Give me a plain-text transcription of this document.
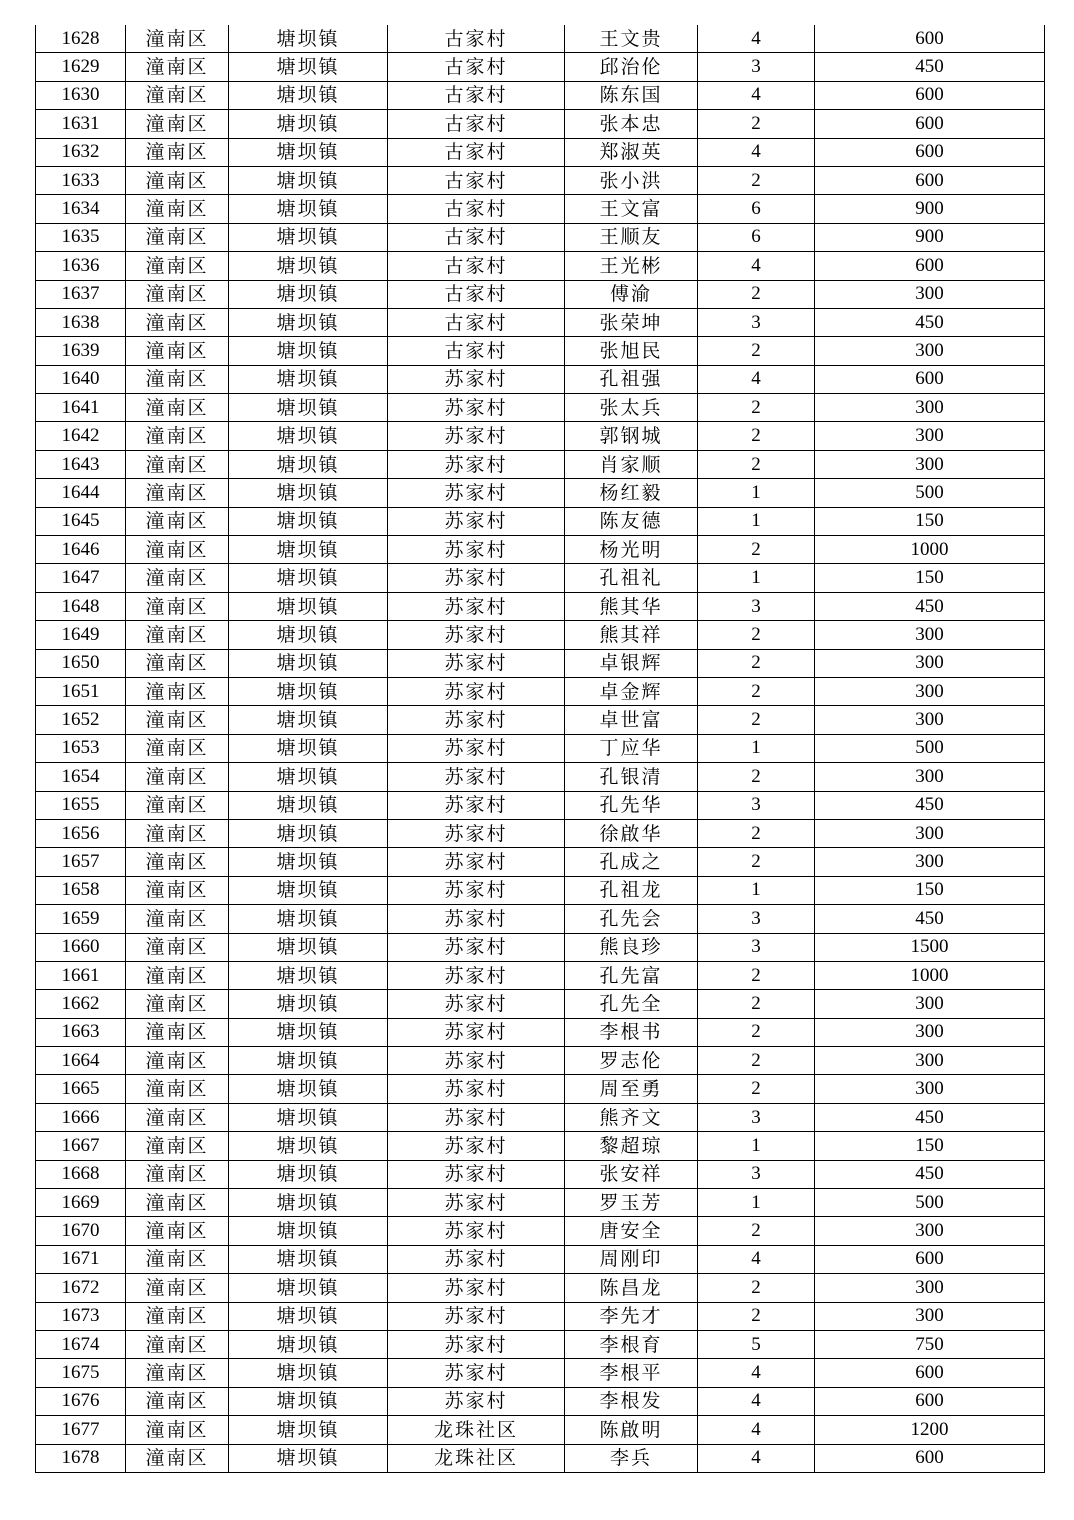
1628	潼南区	塘坝镇	古家村	王文贵	4	600
1629	潼南区	塘坝镇	古家村	邱治伦	3	450
1630	潼南区	塘坝镇	古家村	陈东国	4	600
1631	潼南区	塘坝镇	古家村	张本忠	2	600
1632	潼南区	塘坝镇	古家村	郑淑英	4	600
1633	潼南区	塘坝镇	古家村	张小洪	2	600
1634	潼南区	塘坝镇	古家村	王文富	6	900
1635	潼南区	塘坝镇	古家村	王顺友	6	900
1636	潼南区	塘坝镇	古家村	王光彬	4	600
1637	潼南区	塘坝镇	古家村	傅渝	2	300
1638	潼南区	塘坝镇	古家村	张荣坤	3	450
1639	潼南区	塘坝镇	古家村	张旭民	2	300
1640	潼南区	塘坝镇	苏家村	孔祖强	4	600
1641	潼南区	塘坝镇	苏家村	张太兵	2	300
1642	潼南区	塘坝镇	苏家村	郭钢城	2	300
1643	潼南区	塘坝镇	苏家村	肖家顺	2	300
1644	潼南区	塘坝镇	苏家村	杨红毅	1	500
1645	潼南区	塘坝镇	苏家村	陈友德	1	150
1646	潼南区	塘坝镇	苏家村	杨光明	2	1000
1647	潼南区	塘坝镇	苏家村	孔祖礼	1	150
1648	潼南区	塘坝镇	苏家村	熊其华	3	450
1649	潼南区	塘坝镇	苏家村	熊其祥	2	300
1650	潼南区	塘坝镇	苏家村	卓银辉	2	300
1651	潼南区	塘坝镇	苏家村	卓金辉	2	300
1652	潼南区	塘坝镇	苏家村	卓世富	2	300
1653	潼南区	塘坝镇	苏家村	丁应华	1	500
1654	潼南区	塘坝镇	苏家村	孔银清	2	300
1655	潼南区	塘坝镇	苏家村	孔先华	3	450
1656	潼南区	塘坝镇	苏家村	徐啟华	2	300
1657	潼南区	塘坝镇	苏家村	孔成之	2	300
1658	潼南区	塘坝镇	苏家村	孔祖龙	1	150
1659	潼南区	塘坝镇	苏家村	孔先会	3	450
1660	潼南区	塘坝镇	苏家村	熊良珍	3	1500
1661	潼南区	塘坝镇	苏家村	孔先富	2	1000
1662	潼南区	塘坝镇	苏家村	孔先全	2	300
1663	潼南区	塘坝镇	苏家村	李根书	2	300
1664	潼南区	塘坝镇	苏家村	罗志伦	2	300
1665	潼南区	塘坝镇	苏家村	周至勇	2	300
1666	潼南区	塘坝镇	苏家村	熊齐文	3	450
1667	潼南区	塘坝镇	苏家村	黎超琼	1	150
1668	潼南区	塘坝镇	苏家村	张安祥	3	450
1669	潼南区	塘坝镇	苏家村	罗玉芳	1	500
1670	潼南区	塘坝镇	苏家村	唐安全	2	300
1671	潼南区	塘坝镇	苏家村	周刚印	4	600
1672	潼南区	塘坝镇	苏家村	陈昌龙	2	300
1673	潼南区	塘坝镇	苏家村	李先才	2	300
1674	潼南区	塘坝镇	苏家村	李根育	5	750
1675	潼南区	塘坝镇	苏家村	李根平	4	600
1676	潼南区	塘坝镇	苏家村	李根发	4	600
1677	潼南区	塘坝镇	龙珠社区	陈啟明	4	1200
1678	潼南区	塘坝镇	龙珠社区	李兵	4	600
